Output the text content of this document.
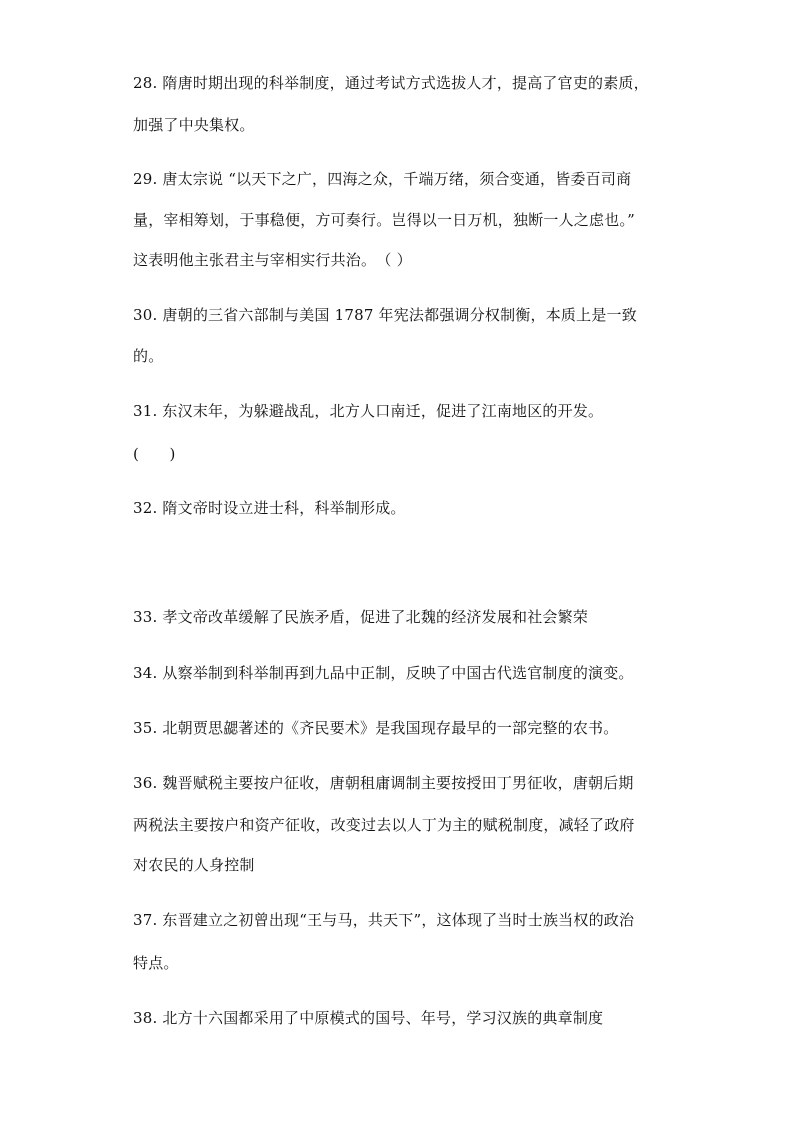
28. 隋唐时期出现的科举制度，通过考试方式选拔人才，提高了官吏的素质，
加强了中央集权。
29. 唐太宗说 “以天下之广，四海之众，千端万绪，须合变通，皆委百司商
量，宰相筹划，于事稳便，方可奏行。岂得以一日万机，独断一人之虑也。”
这表明他主张君主与宰相实行共治。　（ ）
30. 唐朝的三省六部制与美国 1787 年宪法都强调分权制衡，本质上是一致
的。
31. 东汉末年，为躲避战乱，北方人口南迁，促进了江南地区的开发。
(　　)
32. 隋文帝时设立进士科，科举制形成。
33. 孝文帝改革缓解了民族矛盾，促进了北魏的经济发展和社会繁荣
34. 从察举制到科举制再到九品中正制，反映了中国古代选官制度的演变。
35. 北朝贾思勰著述的《齐民要术》是我国现存最早的一部完整的农书。
36. 魏晋赋税主要按户征收，唐朝租庸调制主要按授田丁男征收，唐朝后期
两税法主要按户和资产征收，改变过去以人丁为主的赋税制度，减轻了政府
对农民的人身控制
37. 东晋建立之初曾出现“王与马，共天下”，这体现了当时士族当权的政治
特点。
38. 北方十六国都采用了中原模式的国号、年号，学习汉族的典章制度
